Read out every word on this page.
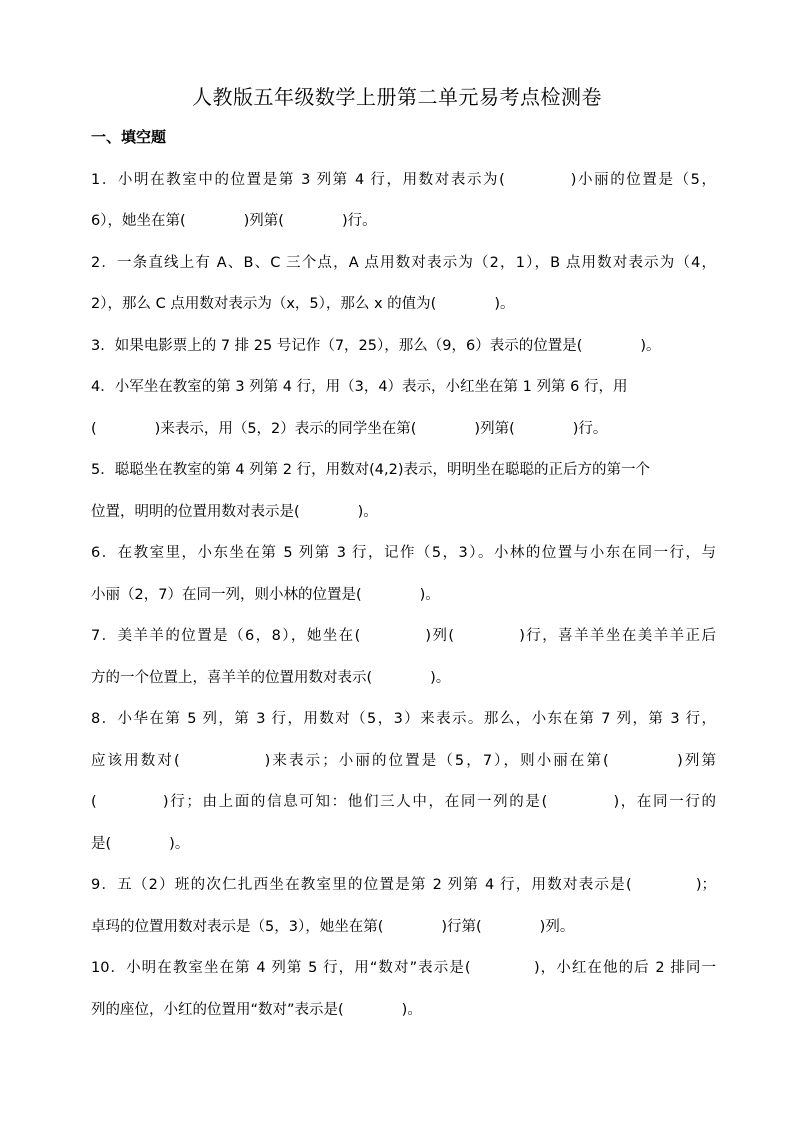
人教版五年级数学上册第二单元易考点检测卷
一、填空题
1．小明在教室中的位置是第 3 列第 4 行，用数对表示为(　　　　)小丽的位置是（5，
6），她坐在第(　　　　)列第(　　　　)行。
2．一条直线上有 A、B、C 三个点，A 点用数对表示为（2，1），B 点用数对表示为（4，
2），那么 C 点用数对表示为（x，5），那么 x 的值为(　　　　)。
3．如果电影票上的 7 排 25 号记作（7，25），那么（9，6）表示的位置是(　　　　)。
4．小军坐在教室的第 3 列第 4 行，用（3，4）表示，小红坐在第 1 列第 6 行，用
(　　　　)来表示，用（5，2）表示的同学坐在第(　　　　)列第(　　　　)行。
5．聪聪坐在教室的第 4 列第 2 行，用数对(4,2)表示，明明坐在聪聪的正后方的第一个
位置，明明的位置用数对表示是(　　　　)。
6．在教室里，小东坐在第 5 列第 3 行，记作（5，3）。小林的位置与小东在同一行，与
小丽（2，7）在同一列，则小林的位置是(　　　　)。
7．美羊羊的位置是（6，8），她坐在(　　　　)列(　　　　)行，喜羊羊坐在美羊羊正后
方的一个位置上，喜羊羊的位置用数对表示(　　　　)。
8．小华在第 5 列，第 3 行，用数对（5，3）来表示。那么，小东在第 7 列，第 3 行，
应该用数对(　　　　　)来表示；小丽的位置是（5，7），则小丽在第(　　　　)列第
(　　　　)行；由上面的信息可知：他们三人中，在同一列的是(　　　　)，在同一行的
是(　　　　)。
9．五（2）班的次仁扎西坐在教室里的位置是第 2 列第 4 行，用数对表示是(　　　　)；
卓玛的位置用数对表示是（5，3），她坐在第(　　　　)行第(　　　　)列。
10．小明在教室坐在第 4 列第 5 行，用“数对”表示是(　　　　)，小红在他的后 2 排同一
列的座位，小红的位置用“数对”表示是(　　　　)。
